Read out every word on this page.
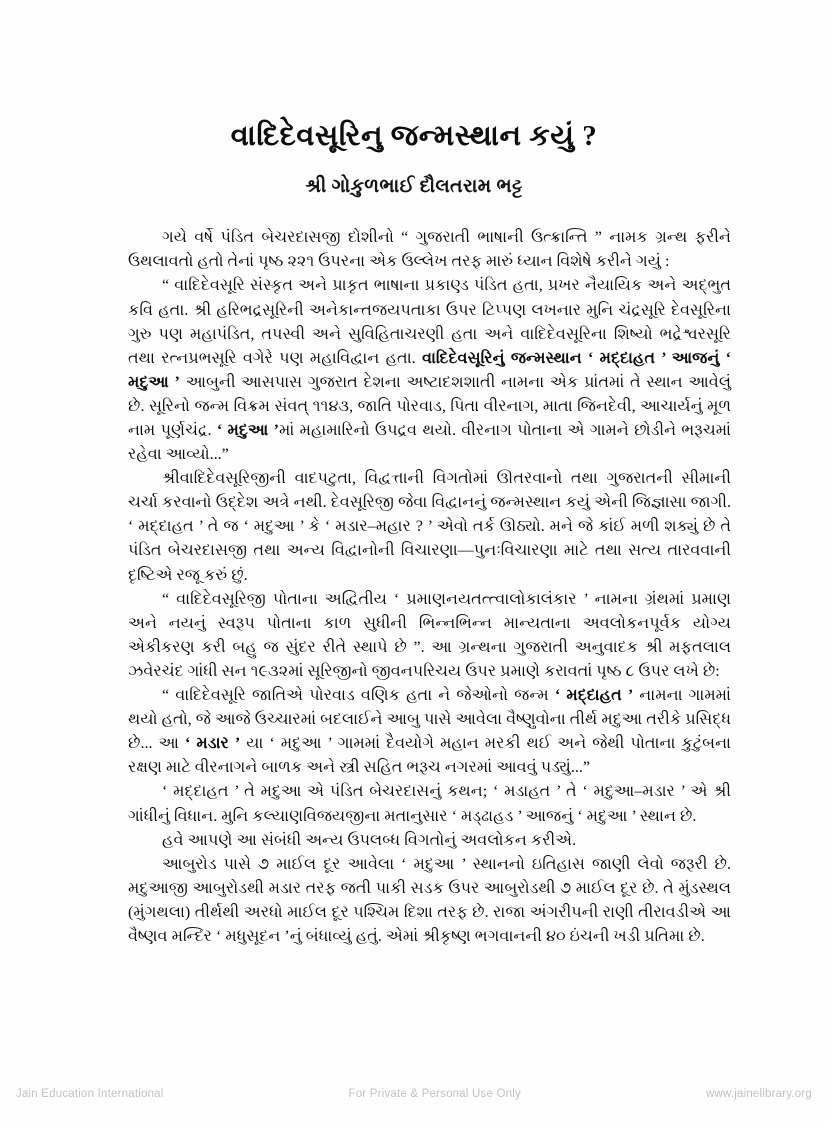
વાદિદેવસૂરિનુ જન્મસ્થાન કયું ?
શ્રી ગોકુળભાઈ દૌલતરામ ભટ્ટ

ગયે વર્ષે પંડિત બેચરદાસજી દોશીનો “ ગુજરાતી ભાષાની ઉત્ક્રાન્તિ ” નામક ગ્રન્થ ફરીને ઉથલાવતો હતો તેનાં પૃષ્ઠ ૨૨૧ ઉપરના એક ઉલ્લેખ તરફ મારું ધ્યાન વિશેષે કરીને ગયું :

“ વાદિદેવસૂરિ સંસ્કૃત અને પ્રાકૃત ભાષાના પ્રકાણ્ડ પંડિત હતા, પ્રખર નૈયાયિક અને અદ્ભુત કવિ હતા. શ્રી હરિભદ્રસૂરિની અનેકાન્તજયપતાકા ઉપર ટિપ્પણ લખનાર મુનિ ચંદ્રસૂરિ દેવસૂરિના ગુરુ પણ મહાપંડિત, તપસ્વી અને સુવિહિતાચરણી હતા અને વાદિદેવસૂરિના શિષ્યો ભદ્રેશ્વરસૂરિ તથા રત્નપ્રભસૂરિ વગેરે પણ મહાવિદ્વાન હતા. વાદિદેવસૂરિનું જન્મસ્થાન ‘ મદ્દાહત ’ આજનું ‘ મદુઆ ’ આબુની આસપાસ ગુજરાત દેશના અષ્ટાદશશાતી નામના એક પ્રાંતમાં તે સ્થાન આવેલું છે. સૂરિનો જન્મ વિક્રમ સંવત્ ૧૧૪૩, જાતિ પોરવાડ, પિતા વીરનાગ, માતા જિનદેવી, આચાર્યનું મૂળ નામ પૂર્ણચંદ્ર. ‘ મદુઆ ’માં મહામારિનો ઉપદ્રવ થયો. વીરનાગ પોતાના એ ગામને છોડીને ભરૂચમાં રહેવા આવ્યો...”

શ્રીવાદિદેવસૂરિજીની વાદપટુતા, વિદ્વત્તાની વિગતોમાં ઊતરવાનો તથા ગુજરાતની સીમાની ચર્ચા કરવાનો ઉદ્દેશ અત્રે નથી. દેવસૂરિજી જેવા વિદ્વાનનું જન્મસ્થાન કયું એની જિજ્ઞાસા જાગી. ‘ મદ્દાહત ’ તે જ ‘ મદુઆ ’ કે ‘ મડાર–મહાર ? ’ એવો તર્ક ઊઠ્યો. મને જે કાંઈ મળી શક્યું છે તે પંડિત બેચરદાસજી તથા અન્ય વિદ્વાનોની વિચારણા—પુનઃવિચારણા માટે તથા સત્ય તારવવાની દૃષ્ટિએ રજૂ કરું છું.

“ વાદિદેવસૂરિજી પોતાના અદ્વિતીય ‘ પ્રમાણનયતત્ત્વાલોકાલંકાર ’ નામના ગ્રંથમાં પ્રમાણ અને નયનું સ્વરૂપ પોતાના કાળ સુધીની ભિન્નભિન્ન માન્યતાના અવલોકનપૂર્વક યોગ્ય એકીકરણ કરી બહુ જ સુંદર રીતે સ્થાપે છે ”. આ ગ્રન્થના ગુજરાતી અનુવાદક શ્રી મફતલાલ ઝવેરચંદ ગાંધી સન ૧૯૩૨માં સૂરિજીનો જીવનપરિચય ઉપર પ્રમાણે કરાવતાં પૃષ્ઠ ૮ ઉપર લખે છે:

“ વાદિદેવસૂરિ જાતિએ પોરવાડ વણિક હતા ને જેઓનો જન્મ ‘ મદ્દાહત ’ નામના ગામમાં થયો હતો, જે આજે ઉચ્ચારમાં બદલાઈને આબુ પાસે આવેલા વૈષ્ણુવોના તીર્થ મદુઆ તરીકે પ્રસિદ્ધ છે... આ ‘ મડાર ’ યા ‘ મદુઆ ’ ગામમાં દૈવયોગે મહાન મરકી થઈ અને જેથી પોતાના કુટુંબના રક્ષણ માટે વીરનાગને બાળક અને સ્ત્રી સહિત ભરૂચ નગરમાં આવવું પડ્યું...”

‘ મદ્દાહત ’ તે મદુઆ એ પંડિત બેચરદાસનું કથન; ‘ મડાહત ’ તે ‘ મદુઆ–મડાર ’ એ શ્રી ગાંધીનું વિધાન. મુનિ કલ્યાણવિજયજીના મતાનુસાર ‘ મડ્ઢાહડ ’ આજનું ‘ મદુઆ ’ સ્થાન છે.

હવે આપણે આ સંબંધી અન્ય ઉપલબ્ધ વિગતોનું અવલોકન કરીએ.

આબુરોડ પાસે ૭ માઈલ દૂર આવેલા ‘ મદુઆ ’ સ્થાનનો ઇતિહાસ જાણી લેવો જરૂરી છે. મદુઆજી આબુરોડથી મડાર તરફ જતી પાકી સડક ઉપર આબુરોડથી ૭ માઈલ દૂર છે. તે મુંડસ્થલ (મુંગથલા) તીર્થથી અરધો માઈલ દૂર પશ્ચિમ દિશા તરફ છે. રાજા અંગરીપની રાણી તીરાવડીએ આ વૈષ્ણવ મન્દિર ‘ મધુસૂદન ’નું બંધાવ્યું હતું. એમાં શ્રીકૃષ્ણ ભગવાનની ૪૦ ઇંચની ખડી પ્રતિમા છે.

Jain Education International	For Private & Personal Use Only	www.jainelibrary.org
